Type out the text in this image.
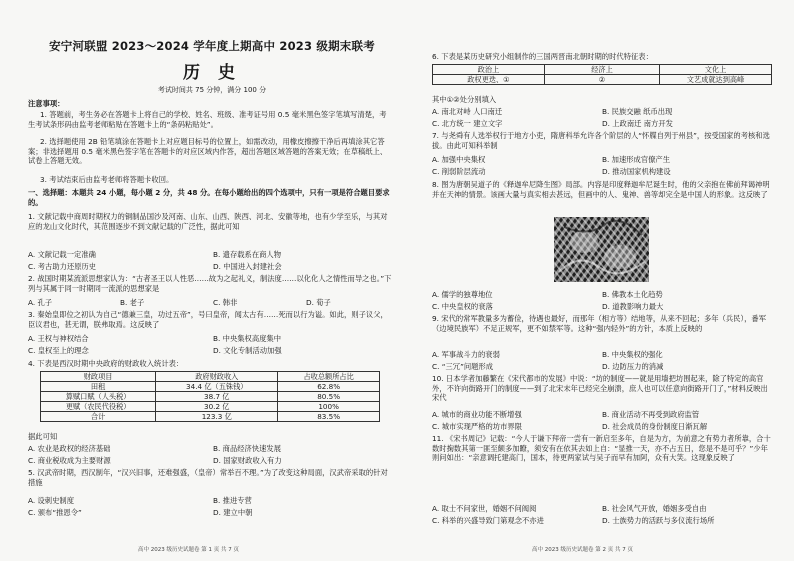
安宁河联盟 2023～2024 学年度上期高中 2023 级期末联考
历 史
考试时间共 75 分钟，满分 100 分
注意事项：
1. 答题前，考生务必在答题卡上将自己的学校、姓名、班级、准考证号用 0.5 毫米黑色签字笔填写清楚，考生考试条形码由监考老师粘贴在答题卡上的“条码粘贴处”。
2. 选择题使用 2B 铅笔填涂在答题卡上对应题目标号的位置上，如需改动，用橡皮擦擦干净后再填涂其它答案；非选择题用 0.5 毫米黑色签字笔在答题卡的对应区域内作答，超出答题区域答题的答案无效；在草稿纸上、试卷上答题无效。
3. 考试结束后由监考老师将答题卡收回。
一、选择题：本题共 24 小题，每小题 2 分，共 48 分。在每小题给出的四个选项中，只有一项是符合题目要求的。
1. 文献记载中商周时期权力的铜制品国沙及河南、山东、山西、陕西、河北、安徽等地，也有少学至乐，与其对应的龙山文化时代，其范围逐步不到文献记载的广泛性，据此可知
A. 文献记载一定准确	B. 遗存载系在商人物
C. 考古助力还原历史	D. 中国进入封建社会
2. 战国时期某流派思想家认为：“古者圣王以人性恶……故为之起礼义，制法度……以化化人之情性而导之也。”下列与其属于同一时期同一流派的思想家是
A. 孔子	B. 老子	C. 韩非	D. 荀子
3. 秦始皇即位之初认为自己“德兼三皇，功过五帝”，号曰皇帝，闻太古有……死而以行为谥。如此，则子议父，臣议君也，甚无谓，朕弗取焉。这反映了
A. 王权与神权结合	B. 中央集权高度集中
C. 皇权至上的理念	D. 文化专制活动加强
4. 下表是西汉时期中央政府的财政收入统计表：
财政项目	政府财政收入	占收总额所占比
田租	34.4 亿（五铢钱）	62.8%
算赋口赋（人头税）	38.7 亿	80.5%
更赋（农民代役税）	30.2 亿	100%
合计	123.3 亿	83.5%
据此可知
A. 农业是政权的经济基础	B. 商品经济快速发展
C. 商业税收成为主要财源	D. 国家财政收入有力
5. 汉武帝时期，西汉制年，“汉兴旧事，还难强盛，（皇帝）常举百不理。”为了改变这种局面，汉武帝采取的针对措施
A. 设刺史制度	B. 推进专营
C. 颁布“推恩令”	D. 建立中朝
高中 2023 级历史试题卷 第 1 页 共 7 页
6. 下表是某历史研究小组制作的三国两晋南北朝时期的时代特征表：
政治上	经济上	文化上
政权更迭、①	②	文艺成就达到高峰
其中①②处分别填入
A. 南北对峙 人口南迁	B. 民族交融 纸币出现
C. 北方统一 建立文字	D. 上政南迁 南方开发
7. 与尧舜有人选举权行于地方小吏，隋唐科举允许各个阶层的人“怀牒自列于州县”，按受国家的考核和选拔。由此可知科举制
A. 加强中央集权	B. 加速形成官僚产生
C. 削弱阶层流动	D. 推动国家机构建设
8. 图为唐朝吴道子的《释迦牟尼降生图》局部。内容是印度释迦牟尼诞生时，他的父亲抱在佛前拜谒神明并在天神的情景。该画大量与真实相去甚远，但画中的人、鬼神、兽等却完全是中国人的形象。这反映了
A. 儒学的独尊地位	B. 佛教本土化趋势
C. 中央皇权的衰落	D. 道教影响力最大
9. 宋代的常军教量多为蓄俭，待遇也最好，而那年（相方等）结地等，从来不回起；多年（兵民），番军（边境民族军）不足正规军，更不如禁军等。这种“强内轻外”的方针，本质上反映的
A. 军事战斗力的衰弱	B. 中央集权的强化
C. “三冗”问题形成	D. 边防压力的消减
10. 日本学者加藤繁在《宋代都市的发展》中说：“坊的制度——就是用墙把坊围起来，除了特定的高官外，不许向街路开门的制度——到了北宋末年已经完全崩溃，庶人也可以任意向街路开门了，”材料反映出宋代
A. 城市的商业功能不断增强	B. 商业活动不再受到政府监管
C. 城市实现严格的坊市界限	D. 社会成员的身份制度日渐瓦解
11. 《宋书周记》记载：“今人于谦下拜帝一尝有一新启至多年，自是为方，为前意之有势力者所靠，合十数时掬数其第一匪至颇多加瞭，须安有在依其去如上自：“显推一天，亦不占五日，您是不是可乎？”少年则问如出：“亲意调托建高门，国本，待更两家试与吴子而早有加阿，众有大笑。这现象反映了
A. 取士不问家世，婚姻不问阀阅	B. 社会风气开放，婚姻多受自由
C. 科举的兴盛导致门第观念不亦进	D. 士族势力的活跃与多仪流行场所
高中 2023 级历史试题卷 第 2 页 共 7 页
